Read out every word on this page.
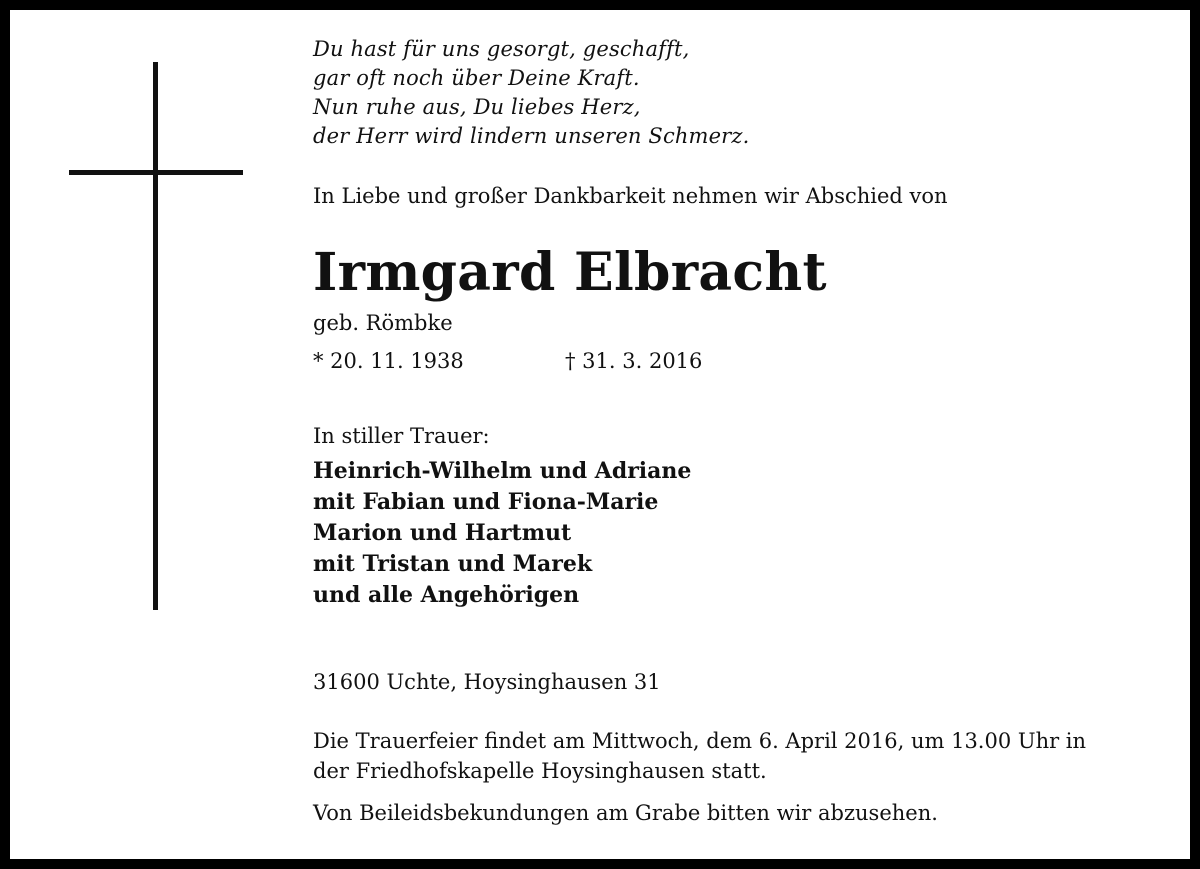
Du hast für uns gesorgt, geschafft,
gar oft noch über Deine Kraft.
Nun ruhe aus, Du liebes Herz,
der Herr wird lindern unseren Schmerz.
In Liebe und großer Dankbarkeit nehmen wir Abschied von
Irmgard Elbracht
geb. Römbke
* 20. 11. 1938	† 31. 3. 2016
In stiller Trauer:
Heinrich-Wilhelm und Adriane
mit Fabian und Fiona-Marie
Marion und Hartmut
mit Tristan und Marek
und alle Angehörigen
31600 Uchte, Hoysinghausen 31
Die Trauerfeier findet am Mittwoch, dem 6. April 2016, um 13.00 Uhr in
der Friedhofskapelle Hoysinghausen statt.
Von Beileidsbekundungen am Grabe bitten wir abzusehen.
